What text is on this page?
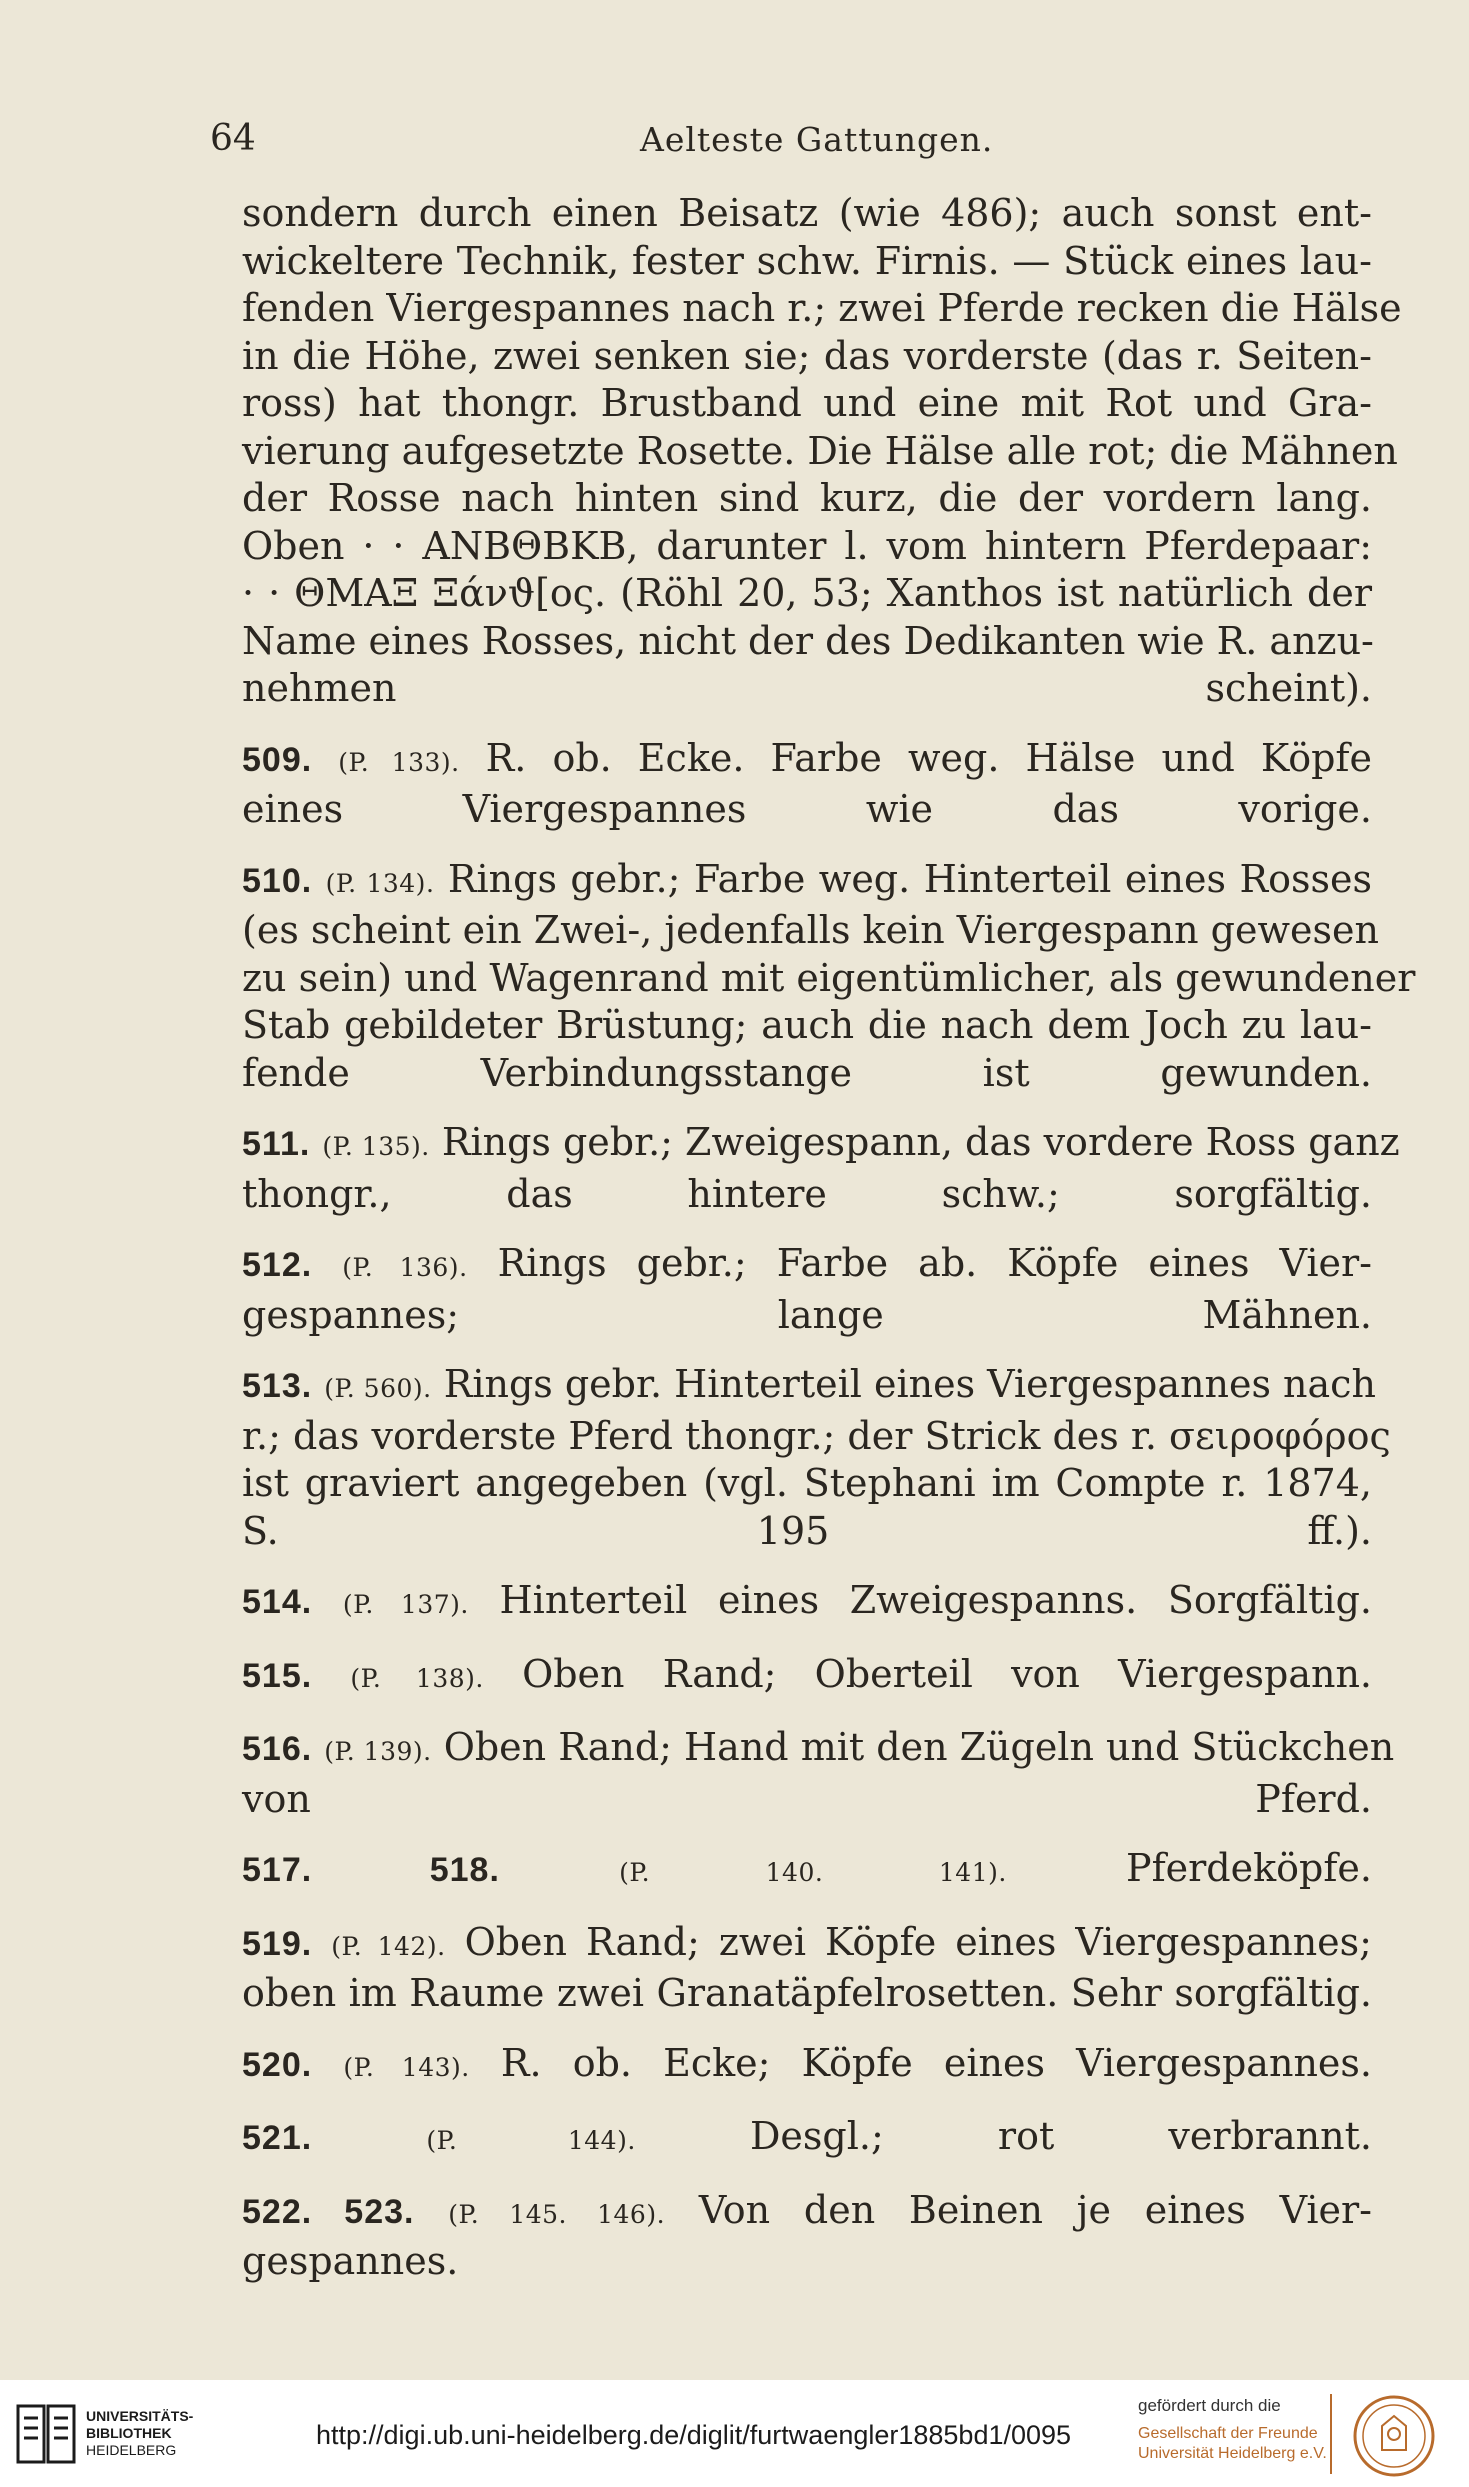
64	Aelteste Gattungen.
sondern durch einen Beisatz (wie 486); auch sonst ent-
wickeltere Technik, fester schw. Firnis. — Stück eines lau-
fenden Viergespannes nach r.; zwei Pferde recken die Hälse
in die Höhe, zwei senken sie; das vorderste (das r. Seiten-
ross) hat thongr. Brustband und eine mit Rot und Gra-
vierung aufgesetzte Rosette. Die Hälse alle rot; die Mähnen
der Rosse nach hinten sind kurz, die der vordern lang.
Oben · · AΝΒΘΒΚΒ, darunter l. vom hintern Pferdepaar:
· · ΘΜΑΞ Ξάνϑ[ος. (Röhl 20, 53; Xanthos ist natürlich der
Name eines Rosses, nicht der des Dedikanten wie R. anzu-
nehmen scheint).
509. (P. 133). R. ob. Ecke. Farbe weg. Hälse und Köpfe
eines Viergespannes wie das vorige.
510. (P. 134). Rings gebr.; Farbe weg. Hinterteil eines Rosses
(es scheint ein Zwei-, jedenfalls kein Viergespann gewesen
zu sein) und Wagenrand mit eigentümlicher, als gewundener
Stab gebildeter Brüstung; auch die nach dem Joch zu lau-
fende Verbindungsstange ist gewunden.
511. (P. 135). Rings gebr.; Zweigespann, das vordere Ross ganz
thongr., das hintere schw.; sorgfältig.
512. (P. 136). Rings gebr.; Farbe ab. Köpfe eines Vier-
gespannes; lange Mähnen.
513. (P. 560). Rings gebr. Hinterteil eines Viergespannes nach
r.; das vorderste Pferd thongr.; der Strick des r. σειροφόρος
ist graviert angegeben (vgl. Stephani im Compte r. 1874,
S. 195 ff.).
514. (P. 137). Hinterteil eines Zweigespanns. Sorgfältig.
515. (P. 138). Oben Rand; Oberteil von Viergespann.
516. (P. 139). Oben Rand; Hand mit den Zügeln und Stückchen
von Pferd.
517. 518.	(P. 140. 141).	Pferdeköpfe.
519. (P. 142). Oben Rand; zwei Köpfe eines Viergespannes;
oben im Raume zwei Granatäpfelrosetten. Sehr sorgfältig.
520. (P. 143). R. ob. Ecke; Köpfe eines Viergespannes.
521.	(P. 144).	Desgl.; rot verbrannt.
522. 523. (P. 145. 146). Von den Beinen je eines Vier-
gespannes.
UNIVERSITÄTS-
BIBLIOTHEK
HEIDELBERG	http://digi.ub.uni-heidelberg.de/diglit/furtwaengler1885bd1/0095
gefördert durch die
Gesellschaft der Freunde
Universität Heidelberg e.V.
